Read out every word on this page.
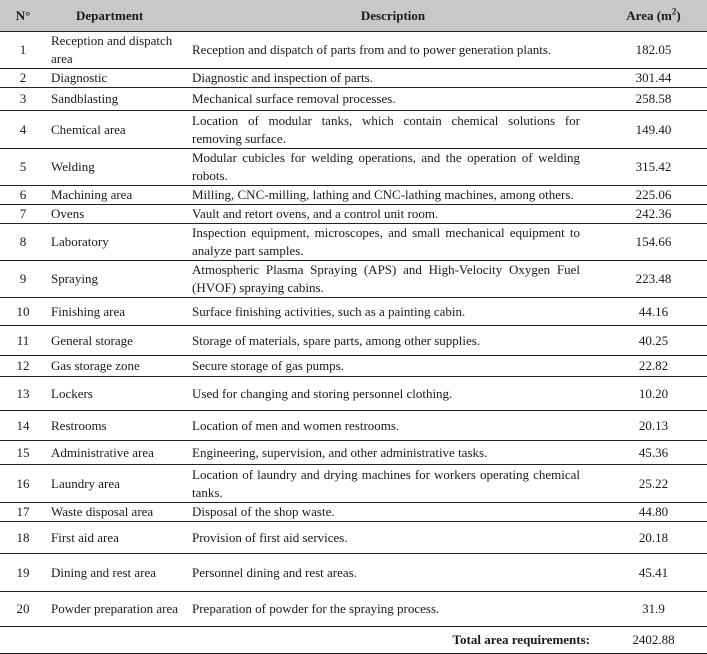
N°	Department	Description	Area $(m^2)$
1	Reception and dispatch area	Reception and dispatch of parts from and to power generation plants.	182.05
2	Diagnostic	Diagnostic and inspection of parts.	301.44
3	Sandblasting	Mechanical surface removal processes.	258.58
4	Chemical area	Location of modular tanks, which contain chemical solutions for removing surface.	149.40
5	Welding	Modular cubicles for welding operations, and the operation of welding robots.	315.42
6	Machining area	Milling, CNC-milling, lathing and CNC-lathing machines, among others.	225.06
7	Ovens	Vault and retort ovens, and a control unit room.	242.36
8	Laboratory	Inspection equipment, microscopes, and small mechanical equipment to analyze part samples.	154.66
9	Spraying	Atmospheric Plasma Spraying (APS) and High-Velocity Oxygen Fuel (HVOF) spraying cabins.	223.48
10	Finishing area	Surface finishing activities, such as a painting cabin.	44.16
11	General storage	Storage of materials, spare parts, among other supplies.	40.25
12	Gas storage zone	Secure storage of gas pumps.	22.82
13	Lockers	Used for changing and storing personnel clothing.	10.20
14	Restrooms	Location of men and women restrooms.	20.13
15	Administrative area	Engineering, supervision, and other administrative tasks.	45.36
16	Laundry area	Location of laundry and drying machines for workers operating chemical tanks.	25.22
17	Waste disposal area	Disposal of the shop waste.	44.80
18	First aid area	Provision of first aid services.	20.18
19	Dining and rest area	Personnel dining and rest areas.	45.41
20	Powder preparation area	Preparation of powder for the spraying process.	31.9
Total area requirements:			2402.88
